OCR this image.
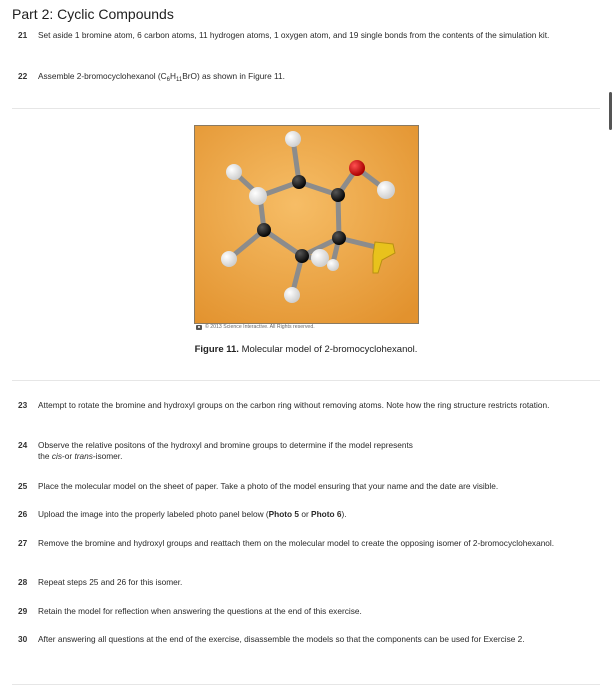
Part 2: Cyclic Compounds
21	Set aside 1 bromine atom, 6 carbon atoms, 11 hydrogen atoms, 1 oxygen atom, and 19 single bonds from the contents of the simulation kit.
22	Assemble 2-bromocyclohexanol $(C_6H_{11}BrO)$ as shown in Figure 11.
© 2013 Science Interactive. All Rights reserved.
Figure 11. Molecular model of 2-bromocyclohexanol.
23	Attempt to rotate the bromine and hydroxyl groups on the carbon ring without removing atoms. Note how the ring structure restricts rotation.
24	Observe the relative positons of the hydroxyl and bromine groups to determine if the model represents
the cis-or trans-isomer.
25	Place the molecular model on the sheet of paper. Take a photo of the model ensuring that your name and the date are visible.
26	Upload the image into the properly labeled photo panel below (Photo 5 or Photo 6).
27	Remove the bromine and hydroxyl groups and reattach them on the molecular model to create the opposing isomer of 2-bromocyclohexanol.
28	Repeat steps 25 and 26 for this isomer.
29	Retain the model for reflection when answering the questions at the end of this exercise.
30	After answering all questions at the end of the exercise, disassemble the models so that the components can be used for Exercise 2.
